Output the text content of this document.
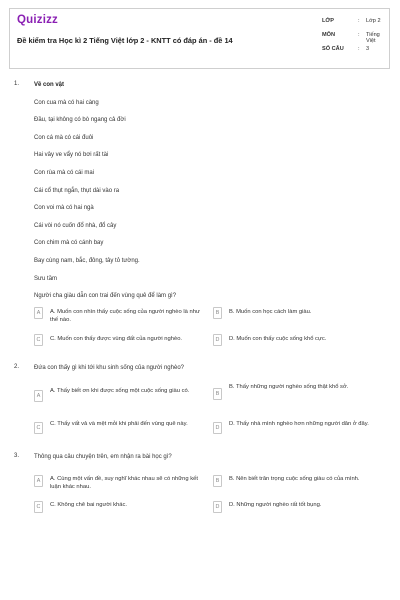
Quizizz
Đề kiểm tra Học kì 2 Tiếng Việt lớp 2 - KNTT có đáp án - đề 14
LỚP	: Lớp 2
MÔN	: Tiếng Việt
SỐ CÂU	: 3
1. Về con vật
Con cua mà có hai càng
Đầu, tại không có bò ngang cả đời
Con cá mà có cái đuôi
Hai vây ve vẩy nó bơi rất tài
Con rùa mà có cái mai
Cái cổ thụt ngắn, thụt dài vào ra
Con voi mà có hai ngà
Cái vòi nó cuốn đổ nhà, đổ cây
Con chim mà có cánh bay
Bay cùng nam, bắc, đông, tây tỏ tường.
Sưu tầm
Người cha giàu dẫn con trai đến vùng quê để làm gì?
A	A. Muốn con nhìn thấy cuộc sống của người nghèo là như thế nào.
B	B. Muốn con học cách làm giàu.
C	C. Muốn con thấy được vùng đất của người nghèo.	D	D. Muốn con thấy cuộc sống khổ cực.
2. Đứa con thấy gì khi tới khu sinh sống của người nghèo?
A
A. Thấy biết ơn khi được sống một cuộc sống giàu có.	B
B. Thấy những người nghèo sống thật khổ sở.
C
C. Thấy vất vả và mệt mỏi khi phải đến vùng quê này.
D
D. Thấy nhà mình nghèo hơn những người dân ở đây.
3. Thông qua câu chuyện trên, em nhận ra bài học gì?
A	A. Cùng một vấn đề, suy nghĩ khác nhau sẽ có những kết luận khác nhau.
B	B. Nên biết trân trọng cuộc sống giàu có của mình.
C	C. Không chê bai người khác.	D	D. Những người nghèo rất tốt bụng.
